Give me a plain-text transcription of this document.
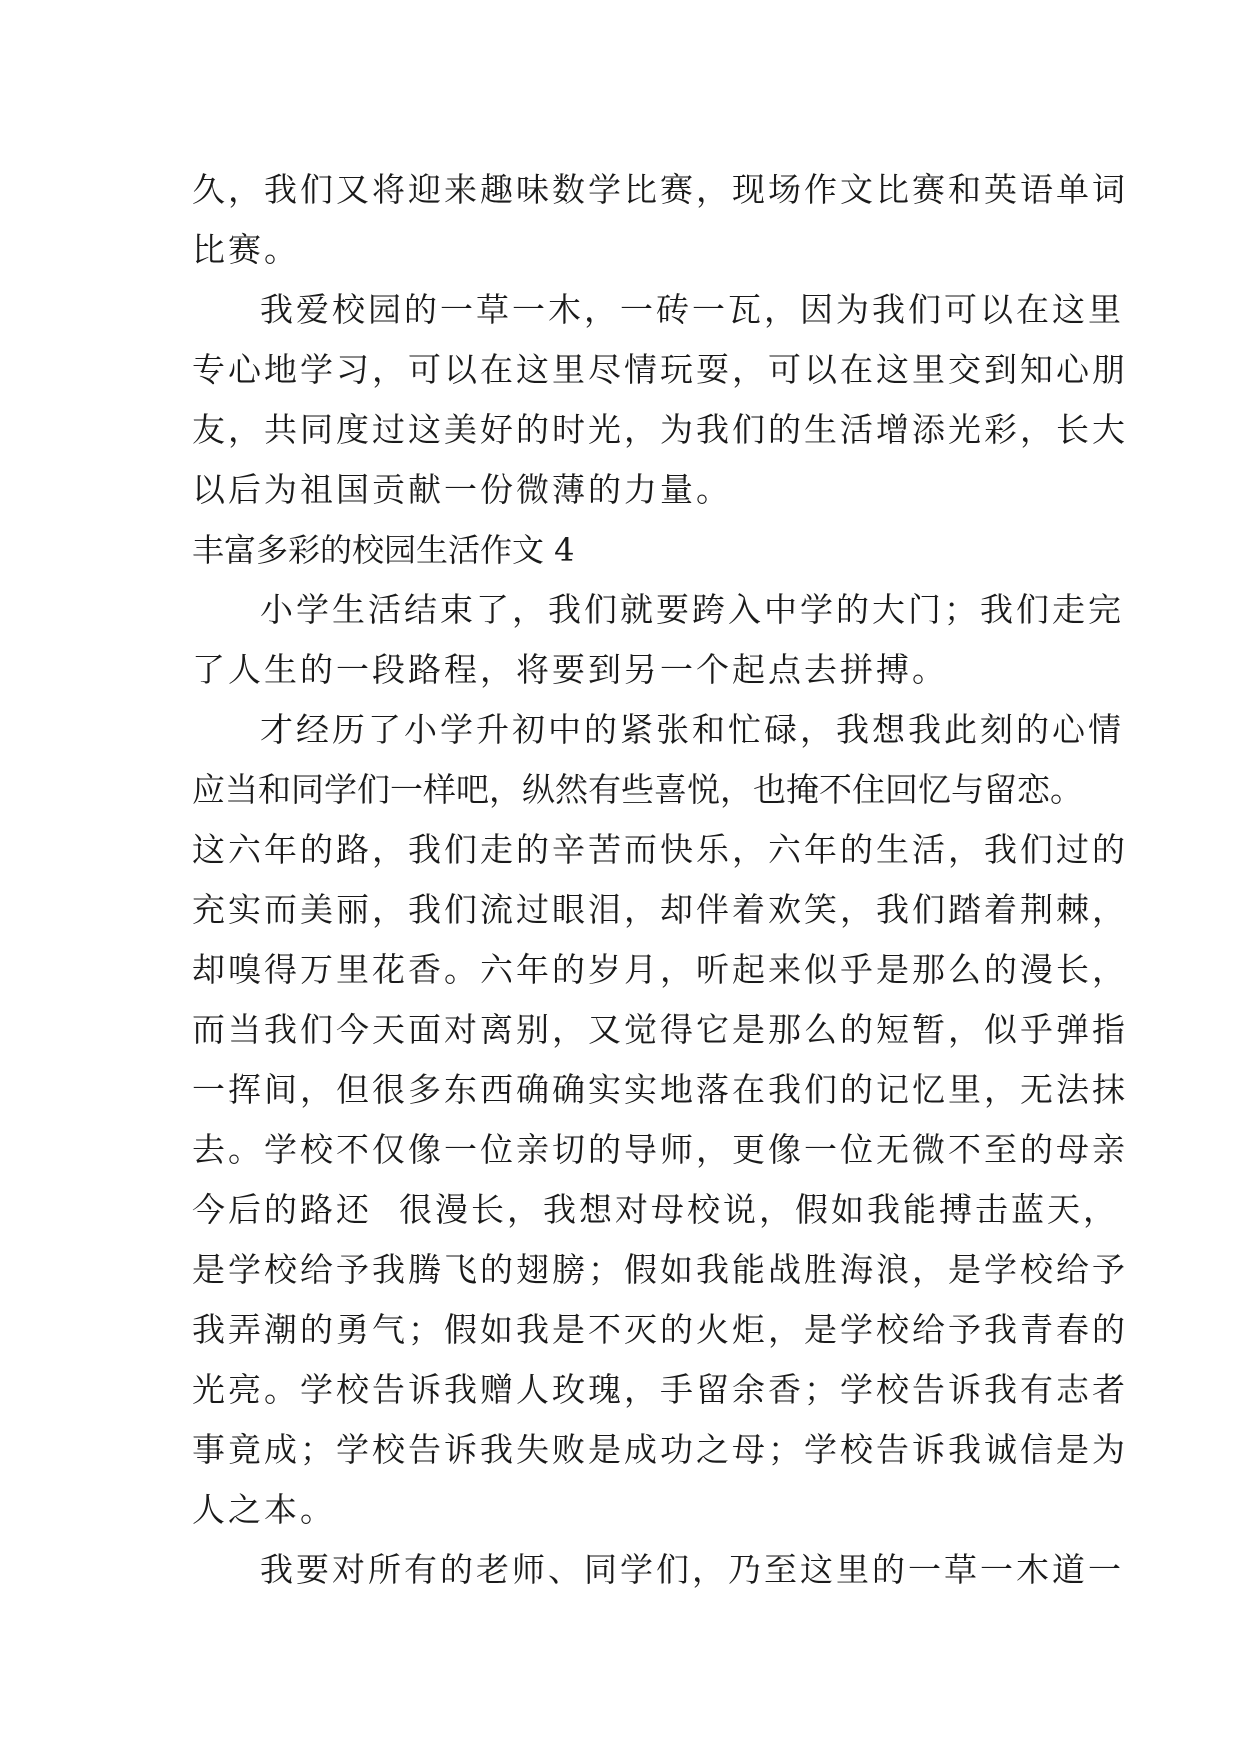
久，我们又将迎来趣味数学比赛，现场作文比赛和英语单词
比赛。
我爱校园的一草一木，一砖一瓦，因为我们可以在这里
专心地学习，可以在这里尽情玩耍，可以在这里交到知心朋
友，共同度过这美好的时光，为我们的生活增添光彩，长大
以后为祖国贡献一份微薄的力量。
丰富多彩的校园生活作文 4
小学生活结束了，我们就要跨入中学的大门；我们走完
了人生的一段路程，将要到另一个起点去拼搏。
才经历了小学升初中的紧张和忙碌，我想我此刻的心情
应当和同学们一样吧，纵然有些喜悦，也掩不住回忆与留恋。
这六年的路，我们走的辛苦而快乐，六年的生活，我们过的
充实而美丽，我们流过眼泪，却伴着欢笑，我们踏着荆棘，
却嗅得万里花香。六年的岁月，听起来似乎是那么的漫长，
而当我们今天面对离别，又觉得它是那么的短暂，似乎弹指
一挥间，但很多东西确确实实地落在我们的记忆里，无法抹
去。学校不仅像一位亲切的导师，更像一位无微不至的母亲
今后的路还  很漫长，我想对母校说，假如我能搏击蓝天，
是学校给予我腾飞的翅膀；假如我能战胜海浪，是学校给予
我弄潮的勇气；假如我是不灭的火炬，是学校给予我青春的
光亮。学校告诉我赠人玫瑰，手留余香；学校告诉我有志者
事竟成；学校告诉我失败是成功之母；学校告诉我诚信是为
人之本。
我要对所有的老师、同学们，乃至这里的一草一木道一
